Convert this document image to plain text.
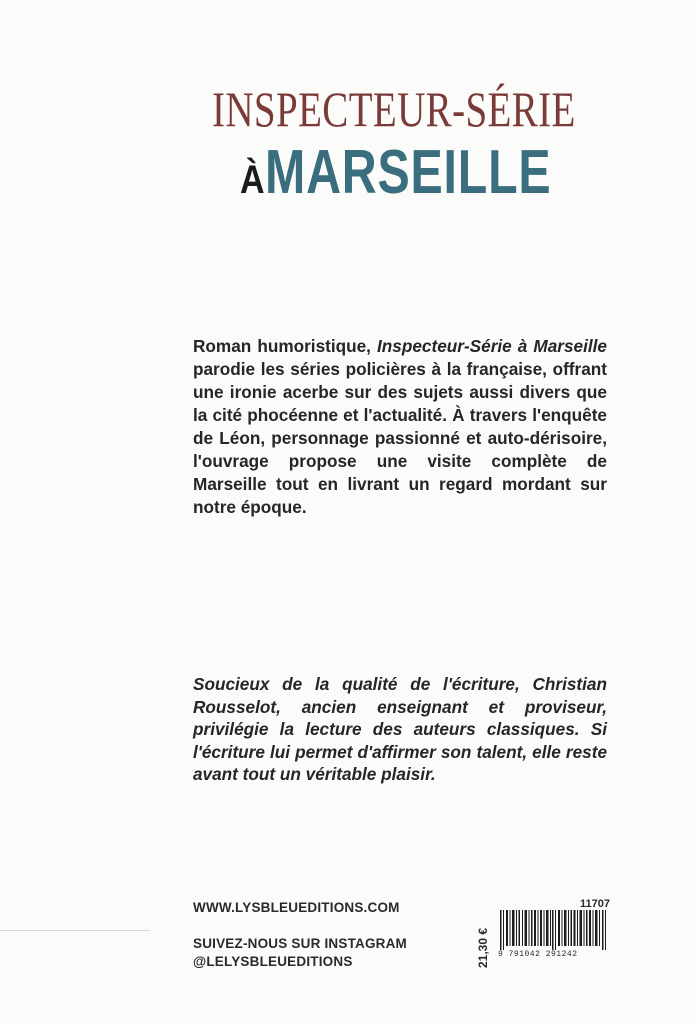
INSPECTEUR-SÉRIE
ÀMARSEILLE
Roman humoristique, Inspecteur-Série à Marseille parodie les séries policières à la française, offrant une ironie acerbe sur des sujets aussi divers que la cité phocéenne et l'actualité. À travers l'enquête de Léon, personnage passionné et auto-dérisoire, l'ouvrage propose une visite complète de Marseille tout en livrant un regard mordant sur notre époque.
Soucieux de la qualité de l'écriture, Christian Rousselot, ancien enseignant et proviseur, privilégie la lecture des auteurs classiques. Si l'écriture lui permet d'affirmer son talent, elle reste avant tout un véritable plaisir.
WWW.LYSBLEUEDITIONS.COM
SUIVEZ-NOUS SUR INSTAGRAM
@LELYSBLEUEDITIONS	21,30 €
11707
9 791042 291242
